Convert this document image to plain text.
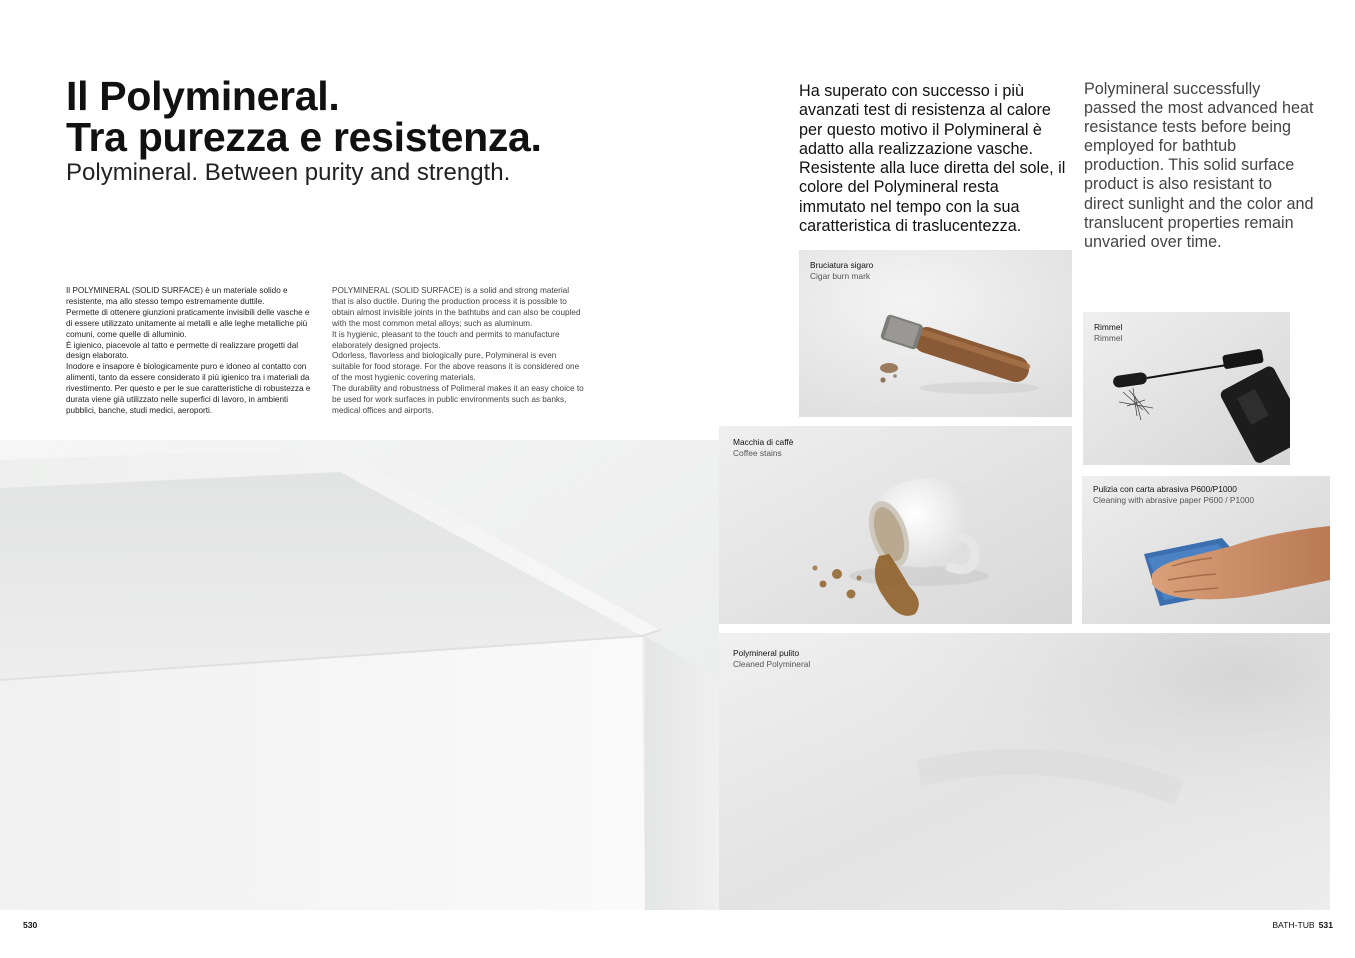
Il Polymineral.
Tra purezza e resistenza.

Polymineral. Between purity and strength.

Il POLYMINERAL (SOLID SURFACE) è un materiale solido e resistente, ma allo stesso tempo estremamente duttile.

Permette di ottenere giunzioni praticamente invisibili delle vasche e di essere utilizzato unitamente ai metalli e alle leghe metalliche più comuni, come quelle di alluminio.

È igienico, piacevole al tatto e permette di realizzare progetti dal design elaborato.

Inodore e insapore è biologicamente puro e idoneo al contatto con alimenti, tanto da essere considerato il più igienico tra i materiali da rivestimento. Per questo e per le sue caratteristiche di robustezza e durata viene già utilizzato nelle superfici di lavoro, in ambienti pubblici, banche, studi medici, aeroporti.

POLYMINERAL (SOLID SURFACE) is a solid and strong material that is also ductile. During the production process it is possible to obtain almost invisible joints in the bathtubs and can also be coupled with the most common metal alloys; such as aluminum.

It is hygienic, pleasant to the touch and permits to manufacture elaborately designed projects.

Odorless, flavorless and biologically pure, Polymineral is even suitable for food storage. For the above reasons it is considered one of the most hygienic covering materials.

The durability and robustness of Polimeral makes it an easy choice to be used for work surfaces in public environments such as banks, medical offices and airports.

Ha superato con successo i più avanzati test di resistenza al calore per questo motivo il Polymineral è adatto alla realizzazione vasche. Resistente alla luce diretta del sole, il colore del Polymineral resta immutato nel tempo con la sua caratteristica di traslucentezza.
Polymineral successfully passed the most advanced heat resistance tests before being employed for bathtub production. This solid surface product is also resistant to direct sunlight and the color and translucent properties remain unvaried over time.
Bruciatura sigaro
Cigar burn mark
Rimmel
Rimmel
Macchia di caffè
Coffee stains
Pulizia con carta abrasiva P600/P1000
Cleaning with abrasive paper P600 / P1000
Polymineral pulito
Cleaned Polymineral
530	BATH-TUB 531
